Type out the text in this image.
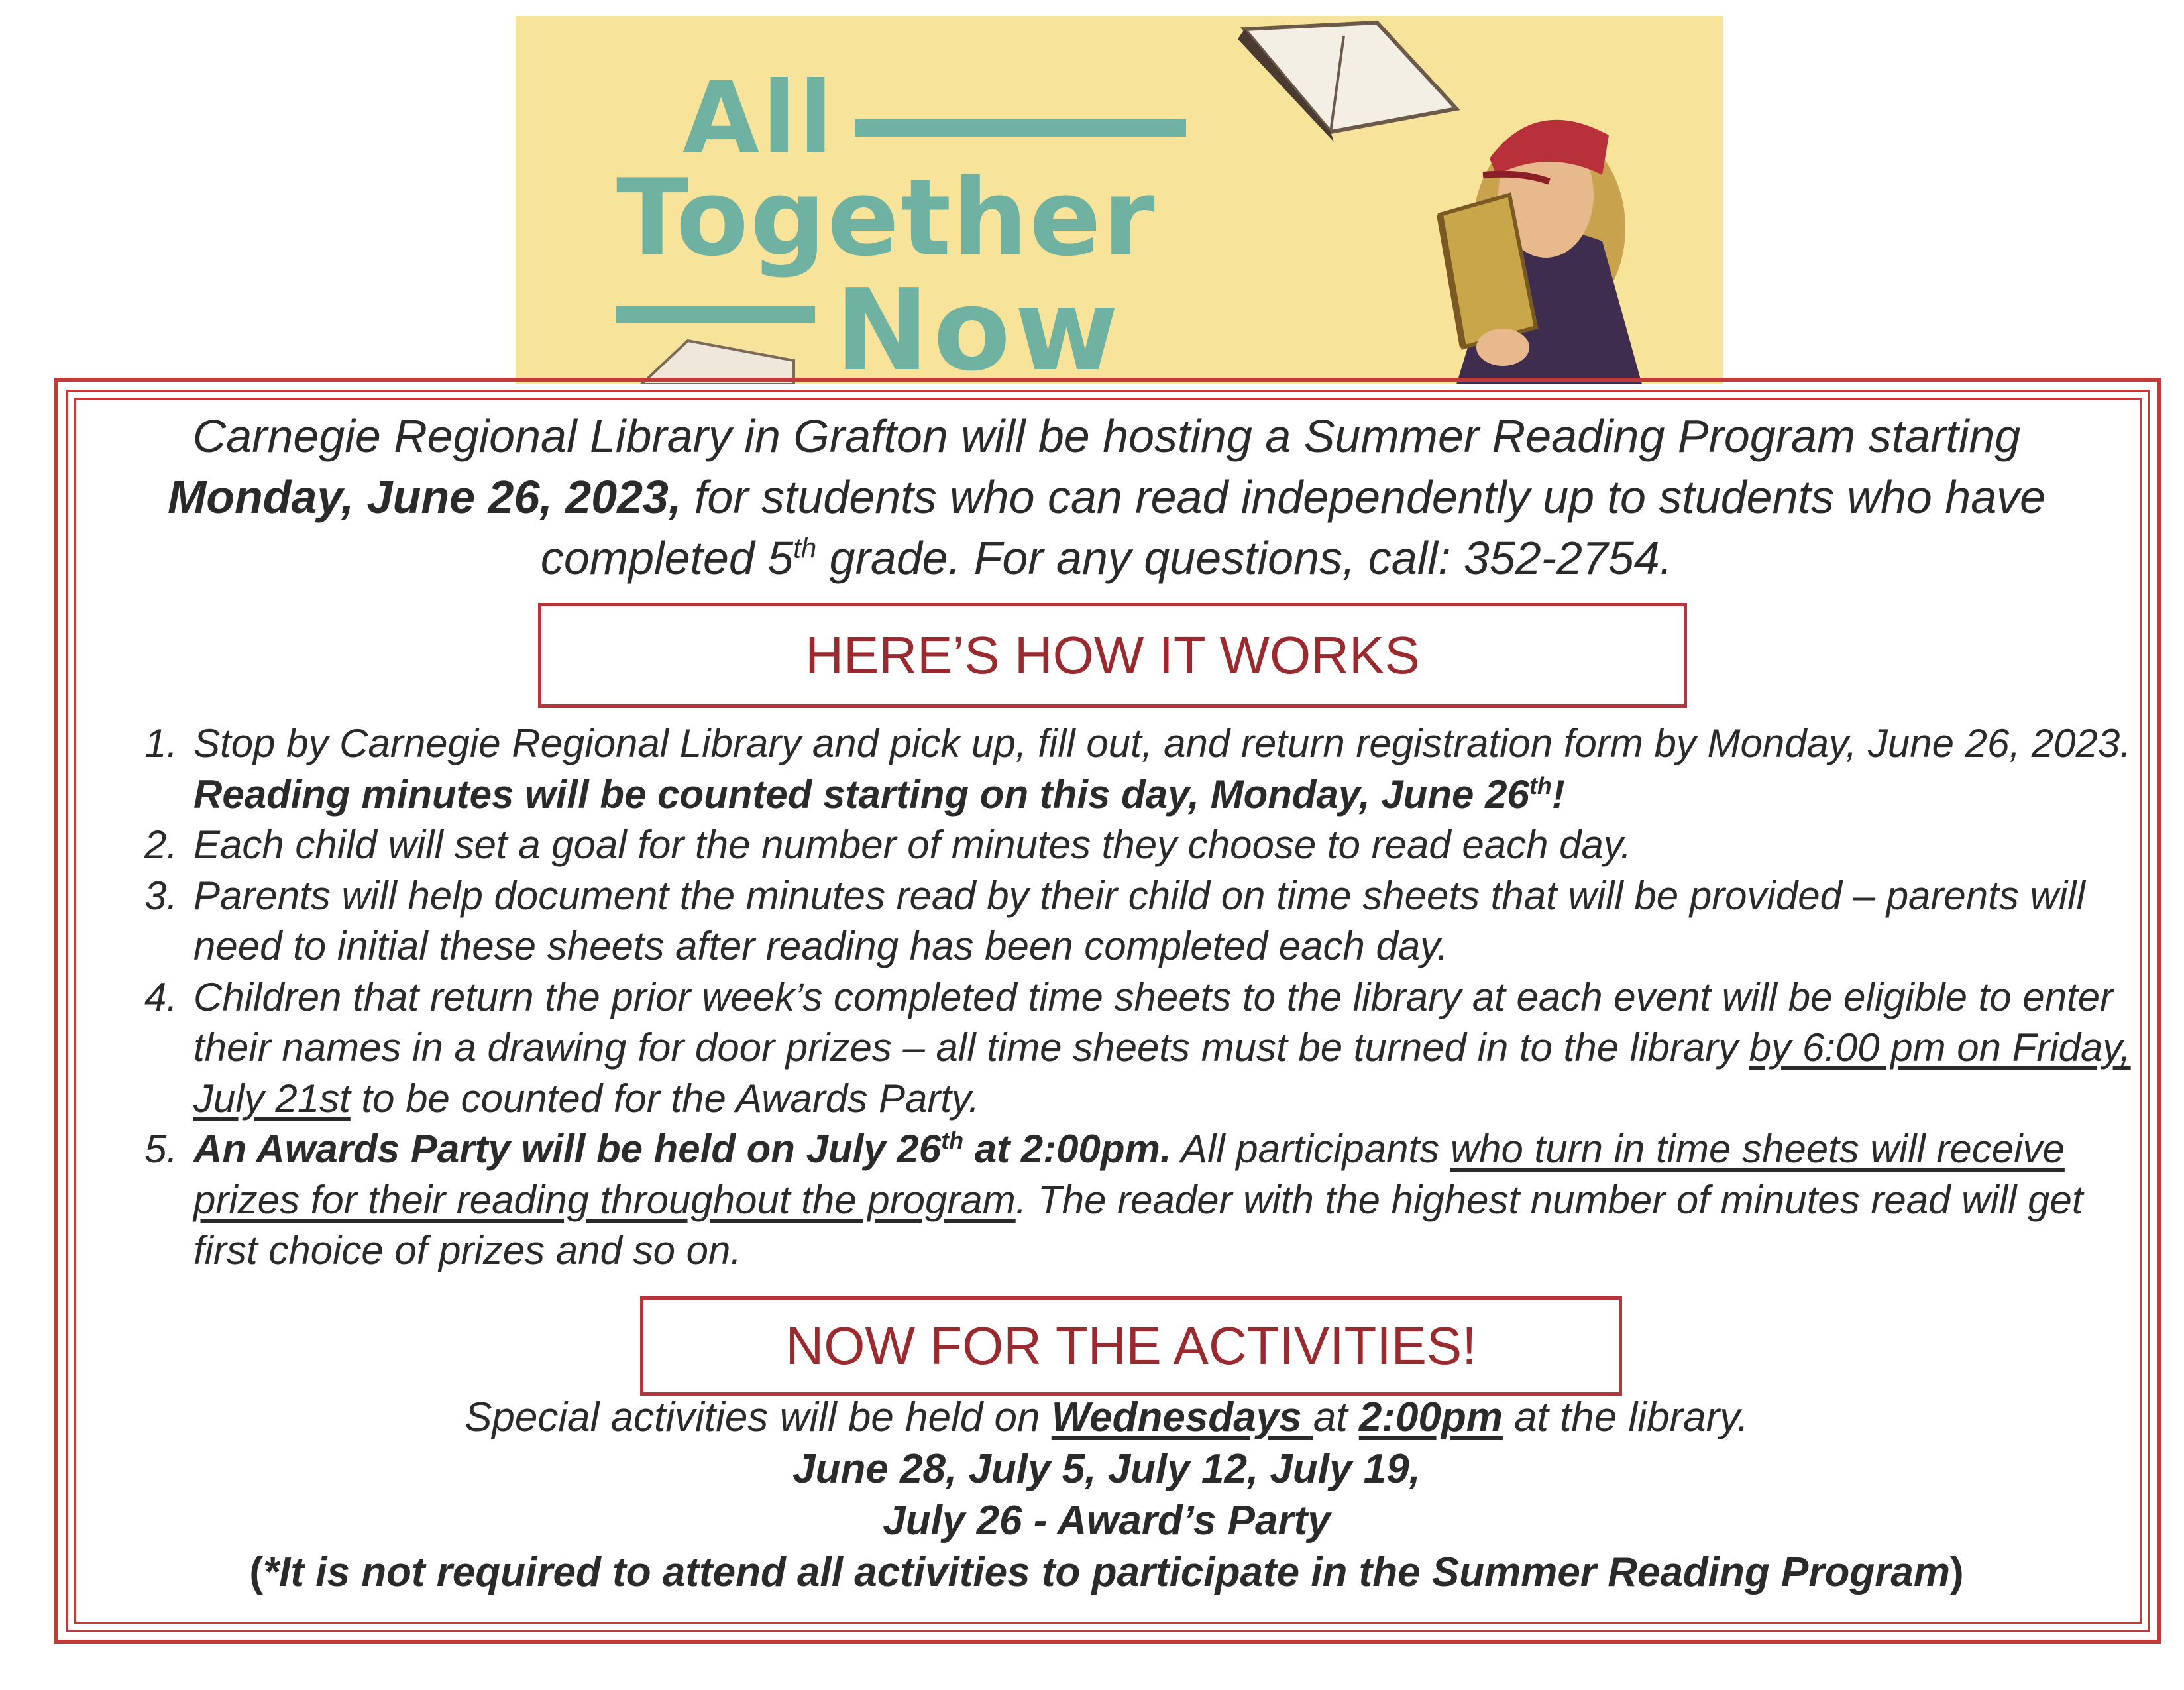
All
Together
Now
Carnegie Regional Library in Grafton will be hosting a Summer Reading Program starting Monday, June 26, 2023, for students who can read independently up to students who have completed 5th grade. For any questions, call: 352-2754.
HERE’S HOW IT WORKS
1. Stop by Carnegie Regional Library and pick up, fill out, and return registration form by Monday, June 26, 2023. Reading minutes will be counted starting on this day, Monday, June 26th!
2. Each child will set a goal for the number of minutes they choose to read each day.
3. Parents will help document the minutes read by their child on time sheets that will be provided – parents will need to initial these sheets after reading has been completed each day.
4. Children that return the prior week’s completed time sheets to the library at each event will be eligible to enter their names in a drawing for door prizes – all time sheets must be turned in to the library by 6:00 pm on Friday, July 21st to be counted for the Awards Party.
5. An Awards Party will be held on July 26th at 2:00pm. All participants who turn in time sheets will receive prizes for their reading throughout the program. The reader with the highest number of minutes read will get first choice of prizes and so on.
NOW FOR THE ACTIVITIES!
Special activities will be held on Wednesdays at 2:00pm at the library.
June 28, July 5, July 12, July 19,
July 26 - Award’s Party
(*It is not required to attend all activities to participate in the Summer Reading Program)
